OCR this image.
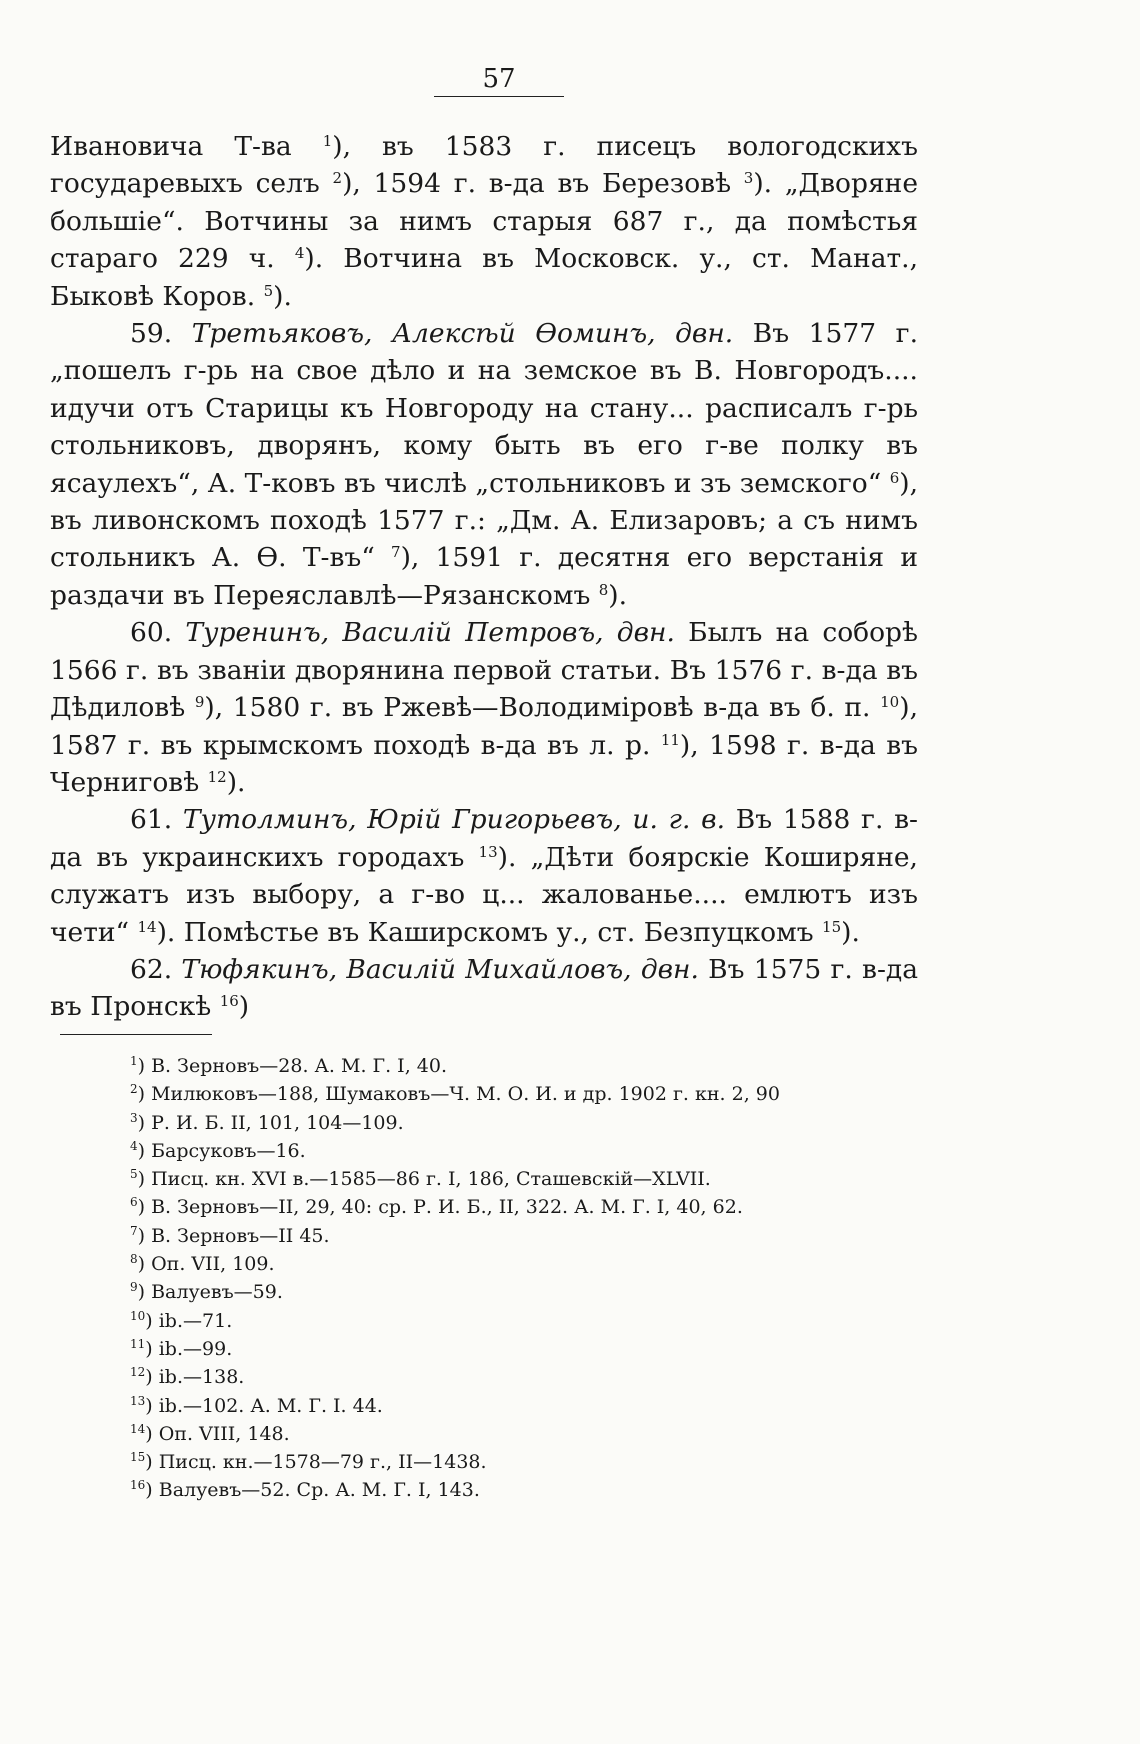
57

Ивановича Т-ва $^1$), въ 1583 г. писецъ вологодскихъ государевыхъ селъ $^2$), 1594 г. в-да въ Березовѣ $^3$). „Дворяне большіе“. Вотчины за нимъ старыя 687 г., да помѣстья стараго 229 ч. $^4$). Вотчина въ Московск. у., ст. Манат., Быковѣ Коров. $^5$).

59. Третьяковъ, Алексѣй Ѳоминъ, двн. Въ 1577 г. „пошелъ г-рь на свое дѣло и на земское въ В. Новгородъ.... идучи отъ Старицы къ Новгороду на стану... расписалъ г-рь стольниковъ, дворянъ, кому быть въ его г-ве полку въ ясаулехъ“, А. Т-ковъ въ числѣ „стольниковъ и зъ земского“ $^6$), въ ливонскомъ походѣ 1577 г.: „Дм. А. Елизаровъ; а съ нимъ стольникъ А. Ѳ. Т-въ“ $^7$), 1591 г. десятня его верстанія и раздачи въ Переяславлѣ—Рязанскомъ $^8$).

60. Туренинъ, Василій Петровъ, двн. Былъ на соборѣ 1566 г. въ званіи дворянина первой статьи. Въ 1576 г. в-да въ Дѣдиловѣ $^9$), 1580 г. въ Ржевѣ—Володиміровѣ в-да въ б. п. $^{10}$), 1587 г. въ крымскомъ походѣ в-да въ л. р. $^{11}$), 1598 г. в-да въ Черниговѣ $^{12}$).

61. Тутолминъ, Юрій Григорьевъ, и. г. в. Въ 1588 г. в-да въ украинскихъ городахъ $^{13}$). „Дѣти боярскіе Коширяне, служатъ изъ выбору, а г-во ц... жалованье.... емлютъ изъ чети“ $^{14}$). Помѣстье въ Каширскомъ у., ст. Безпуцкомъ $^{15}$).

62. Тюфякинъ, Василій Михайловъ, двн. Въ 1575 г. в-да въ Пронскѣ $^{16}$)

$^1$) В. Зерновъ—28. А. М. Г. I, 40.
$^2$) Милюковъ—188, Шумаковъ—Ч. М. О. И. и др. 1902 г. кн. 2, 90
$^3$) Р. И. Б. II, 101, 104—109.
$^4$) Барсуковъ—16.
$^5$) Писц. кн. XVI в.—1585—86 г. I, 186, Сташевскій—XLVII.
$^6$) В. Зерновъ—II, 29, 40: ср. Р. И. Б., II, 322. А. М. Г. I, 40, 62.
$^7$) В. Зерновъ—II 45.
$^8$) Оп. VII, 109.
$^9$) Валуевъ—59.
$^{10}$) ib.—71.
$^{11}$) ib.—99.
$^{12}$) ib.—138.
$^{13}$) ib.—102. А. М. Г. I. 44.
$^{14}$) Оп. VIII, 148.
$^{15}$) Писц. кн.—1578—79 г., II—1438.
$^{16}$) Валуевъ—52. Ср. А. М. Г. I, 143.
